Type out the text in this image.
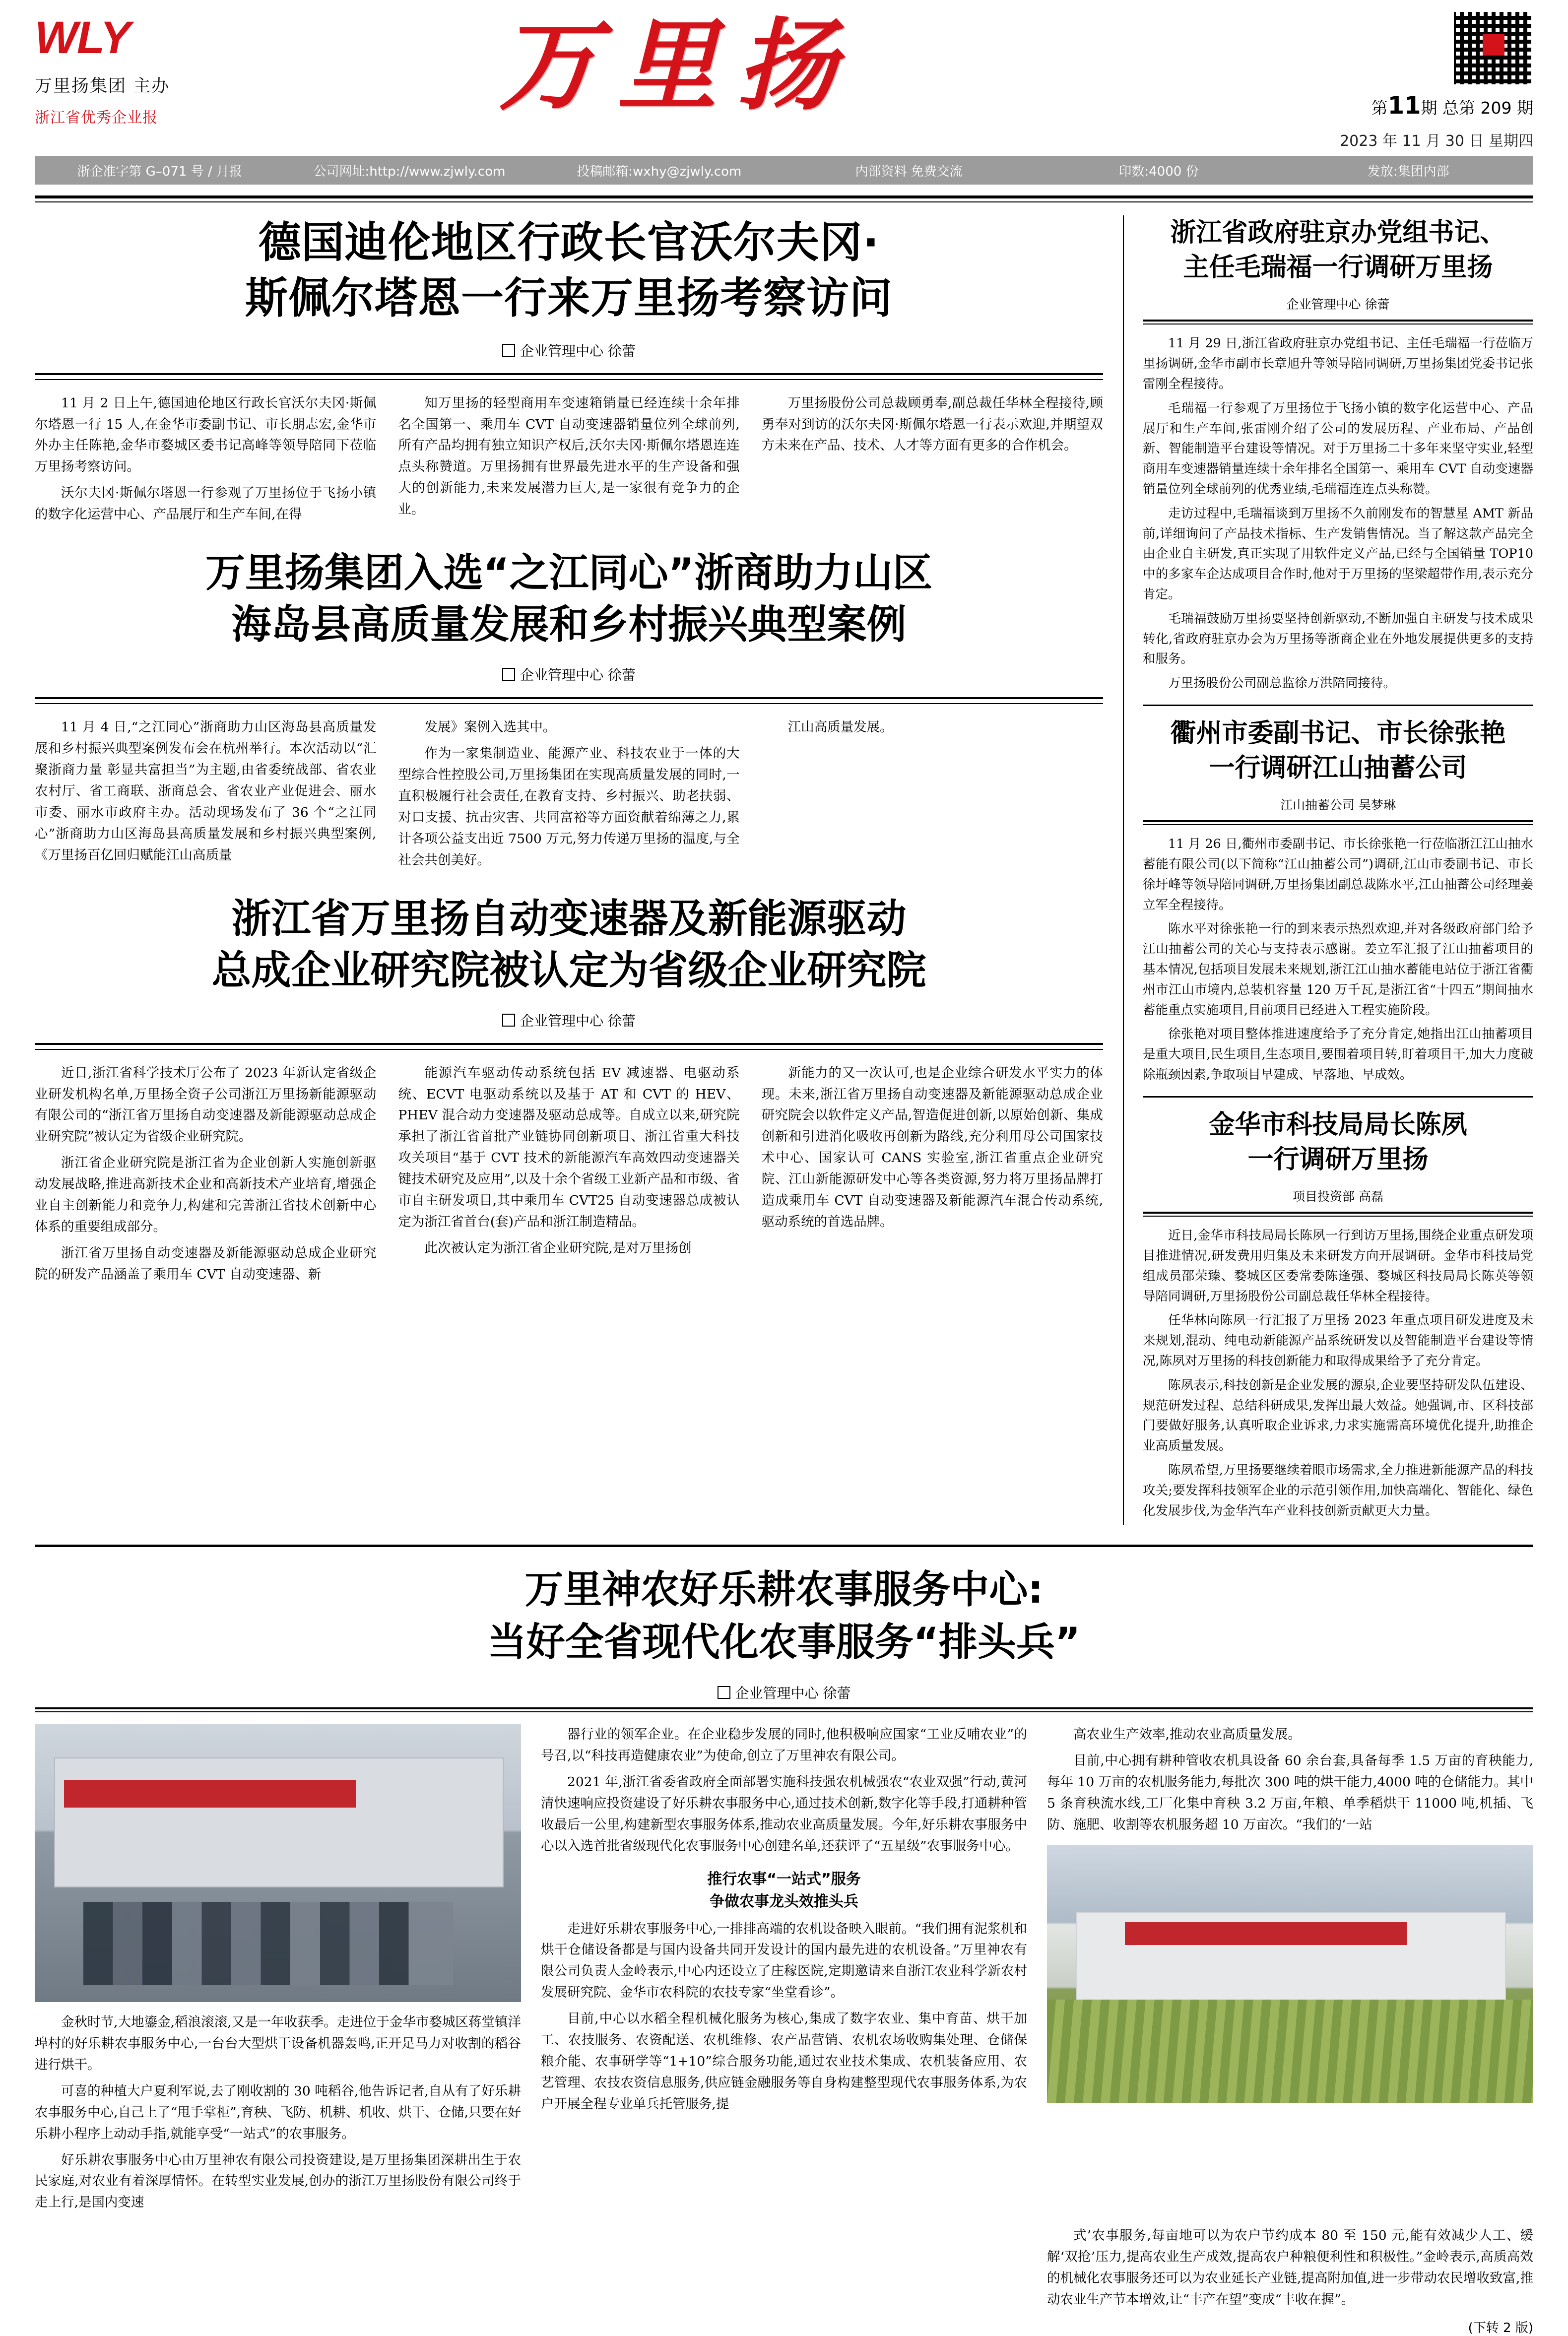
WLY
万里扬集团 主办
浙江省优秀企业报	万里扬	第11期 总第 209 期
2023 年 11 月 30 日 星期四
浙企准字第 G–071 号 / 月报	公司网址:http://www.zjwly.com	投稿邮箱:wxhy@zjwly.com	内部资料 免费交流	印数:4000 份	发放:集团内部
德国迪伦地区行政长官沃尔夫冈·
斯佩尔塔恩一行来万里扬考察访问
企业管理中心 徐蕾

11 月 2 日上午,德国迪伦地区行政长官沃尔夫冈·斯佩尔塔恩一行 15 人,在金华市委副书记、市长朋志宏,金华市外办主任陈艳,金华市婺城区委书记高峰等领导陪同下莅临万里扬考察访问。

沃尔夫冈·斯佩尔塔恩一行参观了万里扬位于飞扬小镇的数字化运营中心、产品展厅和生产车间,在得

知万里扬的轻型商用车变速箱销量已经连续十余年排名全国第一、乘用车 CVT 自动变速器销量位列全球前列,所有产品均拥有独立知识产权后,沃尔夫冈·斯佩尔塔恩连连点头称赞道。万里扬拥有世界最先进水平的生产设备和强大的创新能力,未来发展潜力巨大,是一家很有竞争力的企业。

万里扬股份公司总裁顾勇奉,副总裁任华林全程接待,顾勇奉对到访的沃尔夫冈·斯佩尔塔恩一行表示欢迎,并期望双方未来在产品、技术、人才等方面有更多的合作机会。

万里扬集团入选“之江同心”浙商助力山区
海岛县高质量发展和乡村振兴典型案例
企业管理中心 徐蕾

11 月 4 日,“之江同心”浙商助力山区海岛县高质量发展和乡村振兴典型案例发布会在杭州举行。本次活动以“汇聚浙商力量 彰显共富担当”为主题,由省委统战部、省农业农村厅、省工商联、浙商总会、省农业产业促进会、丽水市委、丽水市政府主办。活动现场发布了 36 个“之江同心”浙商助力山区海岛县高质量发展和乡村振兴典型案例,《万里扬百亿回归赋能江山高质量

发展》案例入选其中。

作为一家集制造业、能源产业、科技农业于一体的大型综合性控股公司,万里扬集团在实现高质量发展的同时,一直积极履行社会责任,在教育支持、乡村振兴、助老扶弱、对口支援、抗击灾害、共同富裕等方面资献着绵薄之力,累计各项公益支出近 7500 万元,努力传递万里扬的温度,与全社会共创美好。

江山高质量发展。

浙江省万里扬自动变速器及新能源驱动
总成企业研究院被认定为省级企业研究院
企业管理中心 徐蕾

近日,浙江省科学技术厅公布了 2023 年新认定省级企业研发机构名单,万里扬全资子公司浙江万里扬新能源驱动有限公司的“浙江省万里扬自动变速器及新能源驱动总成企业研究院”被认定为省级企业研究院。

浙江省企业研究院是浙江省为企业创新人实施创新驱动发展战略,推进高新技术企业和高新技术产业培育,增强企业自主创新能力和竞争力,构建和完善浙江省技术创新中心体系的重要组成部分。

浙江省万里扬自动变速器及新能源驱动总成企业研究院的研发产品涵盖了乘用车 CVT 自动变速器、新

能源汽车驱动传动系统包括 EV 减速器、电驱动系统、ECVT 电驱动系统以及基于 AT 和 CVT 的 HEV、PHEV 混合动力变速器及驱动总成等。自成立以来,研究院承担了浙江省首批产业链协同创新项目、浙江省重大科技攻关项目“基于 CVT 技术的新能源汽车高效四动变速器关键技术研究及应用”,以及十余个省级工业新产品和市级、省市自主研发项目,其中乘用车 CVT25 自动变速器总成被认定为浙江省首台(套)产品和浙江制造精品。

此次被认定为浙江省企业研究院,是对万里扬创

新能力的又一次认可,也是企业综合研发水平实力的体现。未来,浙江省万里扬自动变速器及新能源驱动总成企业研究院会以软件定义产品,智造促进创新,以原始创新、集成创新和引进消化吸收再创新为路线,充分利用母公司国家技术中心、国家认可 CANS 实验室,浙江省重点企业研究院、江山新能源研发中心等各类资源,努力将万里扬品牌打造成乘用车 CVT 自动变速器及新能源汽车混合传动系统,驱动系统的首选品牌。

浙江省政府驻京办党组书记、
主任毛瑞福一行调研万里扬
企业管理中心 徐蕾

11 月 29 日,浙江省政府驻京办党组书记、主任毛瑞福一行莅临万里扬调研,金华市副市长章旭升等领导陪同调研,万里扬集团党委书记张雷刚全程接待。

毛瑞福一行参观了万里扬位于飞扬小镇的数字化运营中心、产品展厅和生产车间,张雷刚介绍了公司的发展历程、产业布局、产品创新、智能制造平台建设等情况。对于万里扬二十多年来坚守实业,轻型商用车变速器销量连续十余年排名全国第一、乘用车 CVT 自动变速器销量位列全球前列的优秀业绩,毛瑞福连连点头称赞。

走访过程中,毛瑞福谈到万里扬不久前刚发布的智慧星 AMT 新品前,详细询问了产品技术指标、生产发销售情况。当了解这款产品完全由企业自主研发,真正实现了用软件定义产品,已经与全国销量 TOP10 中的多家车企达成项目合作时,他对于万里扬的坚梁超带作用,表示充分肯定。

毛瑞福鼓励万里扬要坚持创新驱动,不断加强自主研发与技术成果转化,省政府驻京办会为万里扬等浙商企业在外地发展提供更多的支持和服务。

万里扬股份公司副总监徐万洪陪同接待。

衢州市委副书记、市长徐张艳
一行调研江山抽蓄公司
江山抽蓄公司 吴梦琳

11 月 26 日,衢州市委副书记、市长徐张艳一行莅临浙江江山抽水蓄能有限公司(以下简称“江山抽蓄公司”)调研,江山市委副书记、市长徐圩峰等领导陪同调研,万里扬集团副总裁陈水平,江山抽蓄公司经理姜立军全程接待。

陈水平对徐张艳一行的到来表示热烈欢迎,并对各级政府部门给予江山抽蓄公司的关心与支持表示感谢。姜立军汇报了江山抽蓄项目的基本情况,包括项目发展未来规划,浙江江山抽水蓄能电站位于浙江省衢州市江山市境内,总装机容量 120 万千瓦,是浙江省“十四五”期间抽水蓄能重点实施项目,目前项目已经进入工程实施阶段。

徐张艳对项目整体推进速度给予了充分肯定,她指出江山抽蓄项目是重大项目,民生项目,生态项目,要围着项目转,盯着项目干,加大力度破除瓶颈因素,争取项目早建成、早落地、早成效。

金华市科技局局长陈夙
一行调研万里扬
项目投资部 高磊

近日,金华市科技局局长陈夙一行到访万里扬,围绕企业重点研发项目推进情况,研发费用归集及未来研发方向开展调研。金华市科技局党组成员邵荣臻、婺城区区委常委陈逢强、婺城区科技局局长陈英等领导陪同调研,万里扬股份公司副总裁任华林全程接待。

任华林向陈夙一行汇报了万里扬 2023 年重点项目研发进度及未来规划,混动、纯电动新能源产品系统研发以及智能制造平台建设等情况,陈夙对万里扬的科技创新能力和取得成果给予了充分肯定。

陈夙表示,科技创新是企业发展的源泉,企业要坚持研发队伍建设、规范研发过程、总结科研成果,发挥出最大效益。她强调,市、区科技部门要做好服务,认真听取企业诉求,力求实施需高环境优化提升,助推企业高质量发展。

陈夙希望,万里扬要继续着眼市场需求,全力推进新能源产品的科技攻关;要发挥科技领军企业的示范引领作用,加快高端化、智能化、绿色化发展步伐,为金华汽车产业科技创新贡献更大力量。

万里神农好乐耕农事服务中心:
当好全省现代化农事服务“排头兵”
企业管理中心 徐蕾

金秋时节,大地鎏金,稻浪滚滚,又是一年收获季。走进位于金华市婺城区蒋堂镇洋埠村的好乐耕农事服务中心,一台台大型烘干设备机器轰鸣,正开足马力对收割的稻谷进行烘干。

可喜的种植大户夏利军说,去了刚收割的 30 吨稻谷,他告诉记者,自从有了好乐耕农事服务中心,自己上了“甩手掌柜”,育秧、飞防、机耕、机收、烘干、仓储,只要在好乐耕小程序上动动手指,就能享受“一站式”的农事服务。

好乐耕农事服务中心由万里神农有限公司投资建设,是万里扬集团深耕出生于农民家庭,对农业有着深厚情怀。在转型实业发展,创办的浙江万里扬股份有限公司终于走上行,是国内变速

器行业的领军企业。在企业稳步发展的同时,他积极响应国家“工业反哺农业”的号召,以“科技再造健康农业”为使命,创立了万里神农有限公司。

2021 年,浙江省委省政府全面部署实施科技强农机械强农“农业双强”行动,黄河清快速响应投资建设了好乐耕农事服务中心,通过技术创新,数字化等手段,打通耕种管收最后一公里,构建新型农事服务体系,推动农业高质量发展。今年,好乐耕农事服务中心以入选首批省级现代化农事服务中心创建名单,还获评了“五星级”农事服务中心。

推行农事“一站式”服务
争做农事龙头效推头兵

走进好乐耕农事服务中心,一排排高端的农机设备映入眼前。“我们拥有泥浆机和烘干仓储设备都是与国内设备共同开发设计的国内最先进的农机设备。”万里神农有限公司负责人金岭表示,中心内还设立了庄稼医院,定期邀请来自浙江农业科学新农村发展研究院、金华市农科院的农技专家“坐堂看诊”。

目前,中心以水稻全程机械化服务为核心,集成了数字农业、集中育苗、烘干加工、农技服务、农资配送、农机维修、农产品营销、农机农场收购集处理、仓储保粮介能、农事研学等“1+10”综合服务功能,通过农业技术集成、农机装备应用、农艺管理、农技农资信息服务,供应链金融服务等自身构建整型现代农事服务体系,为农户开展全程专业单兵托管服务,提

高农业生产效率,推动农业高质量发展。

目前,中心拥有耕种管收农机具设备 60 余台套,具备每季 1.5 万亩的育秧能力,每年 10 万亩的农机服务能力,每批次 300 吨的烘干能力,4000 吨的仓储能力。其中 5 条育秧流水线,工厂化集中育秧 3.2 万亩,年粮、单季稻烘干 11000 吨,机插、飞防、施肥、收割等农机服务超 10 万亩次。“我们的‘一站

式’农事服务,每亩地可以为农户节约成本 80 至 150 元,能有效减少人工、缓解‘双抢’压力,提高农业生产成效,提高农户种粮便利性和积极性。”金岭表示,高质高效的机械化农事服务还可以为农业延长产业链,提高附加值,进一步带动农民增收致富,推动农业生产节本增效,让“丰产在望”变成“丰收在握”。

(下转 2 版)
